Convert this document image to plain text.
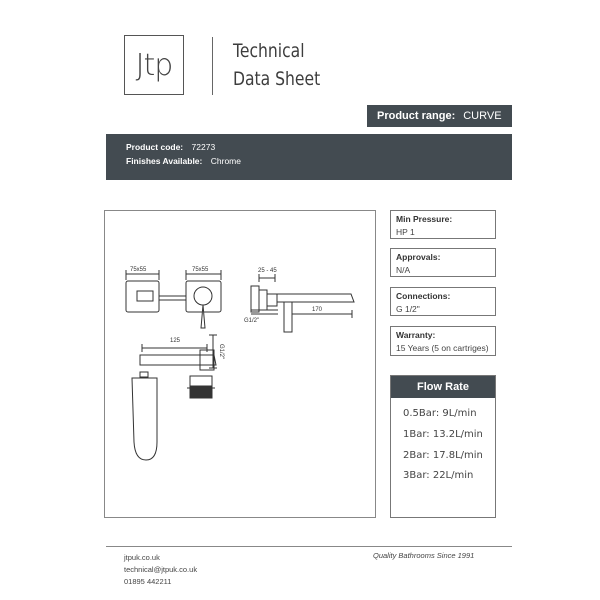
Jtp	Technical
Data Sheet
Product range: CURVE
Product code: 72273
Finishes Available: Chrome
75x55	75x55	25 - 45
G1/2"
170
125
G1/2"
Min Pressure:
HP 1
Approvals:
N/A
Connections:
G 1/2"
Warranty:
15 Years (5 on cartriges)
Flow Rate
0.5Bar: 9L/min
1Bar: 13.2L/min
2Bar: 17.8L/min
3Bar: 22L/min
jtpuk.co.uk
technical@jtpuk.co.uk
01895 442211
Quality Bathrooms Since 1991
